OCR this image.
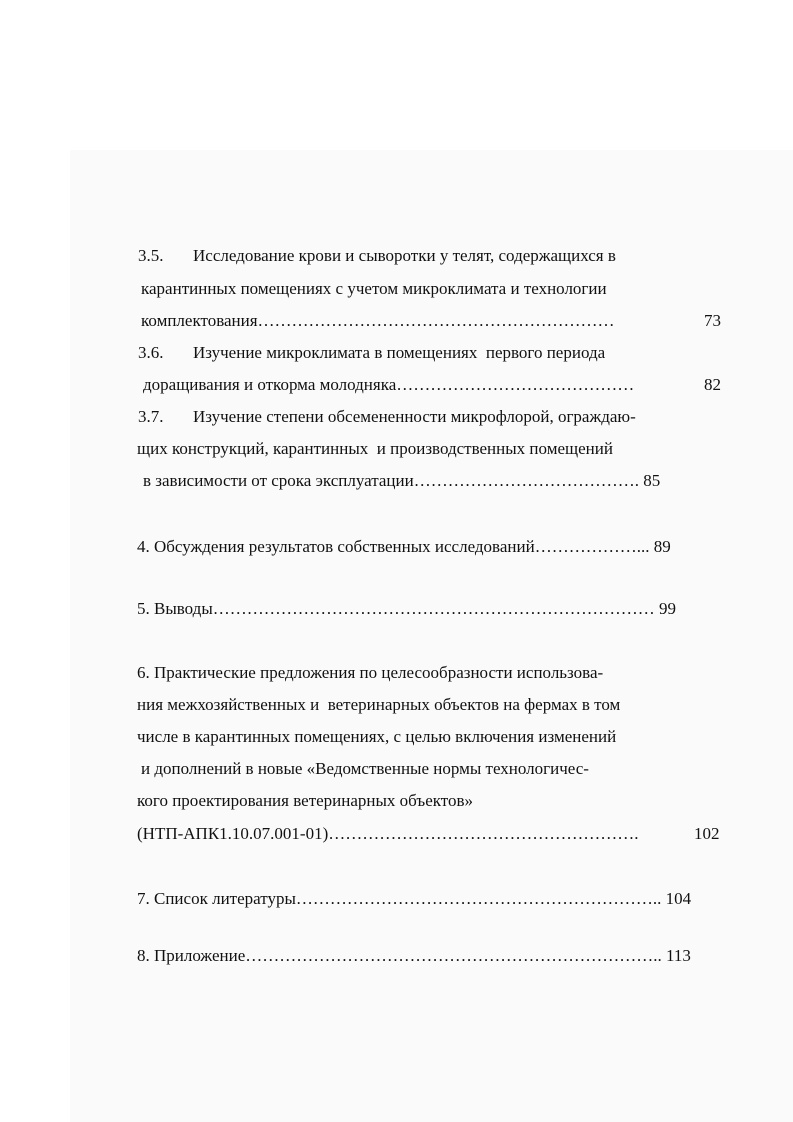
3.5. Исследование крови и сыворотки у телят, содержащихся в
карантинных помещениях с учетом микроклимата и технологии
комплектования………………………………………………………	73
3.6. Изучение микроклимата в помещениях  первого периода
доращивания и откорма молодняка……………………………………	82
3.7. Изучение степени обсемененности микрофлорой, ограждаю-
щих конструкций, карантинных  и производственных помещений
в зависимости от срока эксплуатации…………………………………. 85
4. Обсуждения результатов собственных исследований………………... 89
5. Выводы…………………………………………………………………… 99
6. Практические предложения по целесообразности использова-
ния межхозяйственных и  ветеринарных объектов на фермах в том
числе в карантинных помещениях, с целью включения изменений
и дополнений в новые «Ведомственные нормы технологичес-
кого проектирования ветеринарных объектов»
(НТП-АПК1.10.07.001-01)……………………………………………….	102
7. Список литературы……………………………………………………….. 104
8. Приложение……………………………………………………………….. 113
